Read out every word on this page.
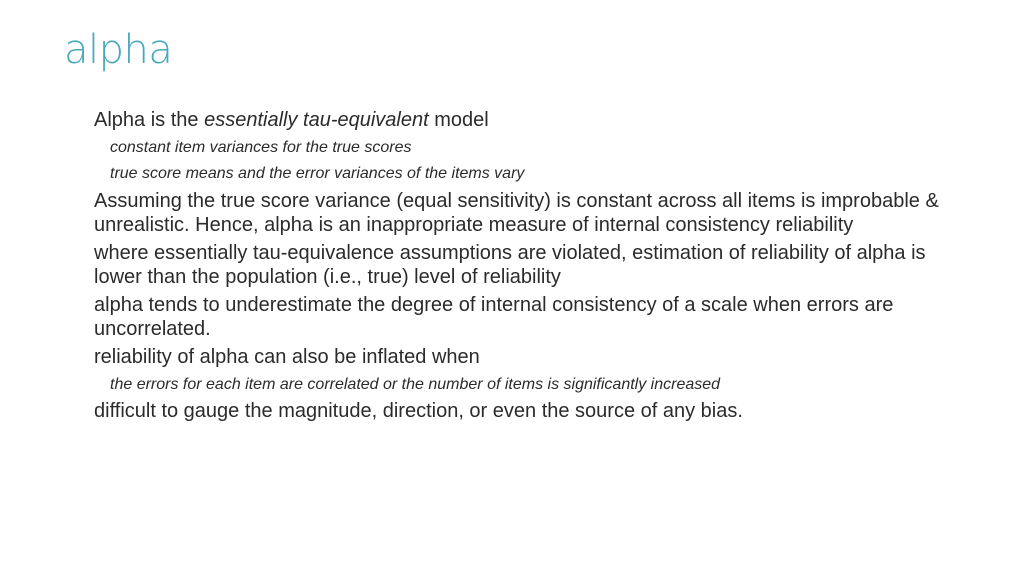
alpha

Alpha is the essentially tau-equivalent model

constant item variances for the true scores

true score means and the error variances of the items vary

Assuming the true score variance (equal sensitivity) is constant across all items is improbable & unrealistic. Hence, alpha is an inappropriate measure of internal consistency reliability

where essentially tau-equivalence assumptions are violated, estimation of reliability of alpha is lower than the population (i.e., true) level of reliability

alpha tends to underestimate the degree of internal consistency of a scale when errors are uncorrelated.

reliability of alpha can also be inflated when

the errors for each item are correlated or the number of items is significantly increased

difficult to gauge the magnitude, direction, or even the source of any bias.
